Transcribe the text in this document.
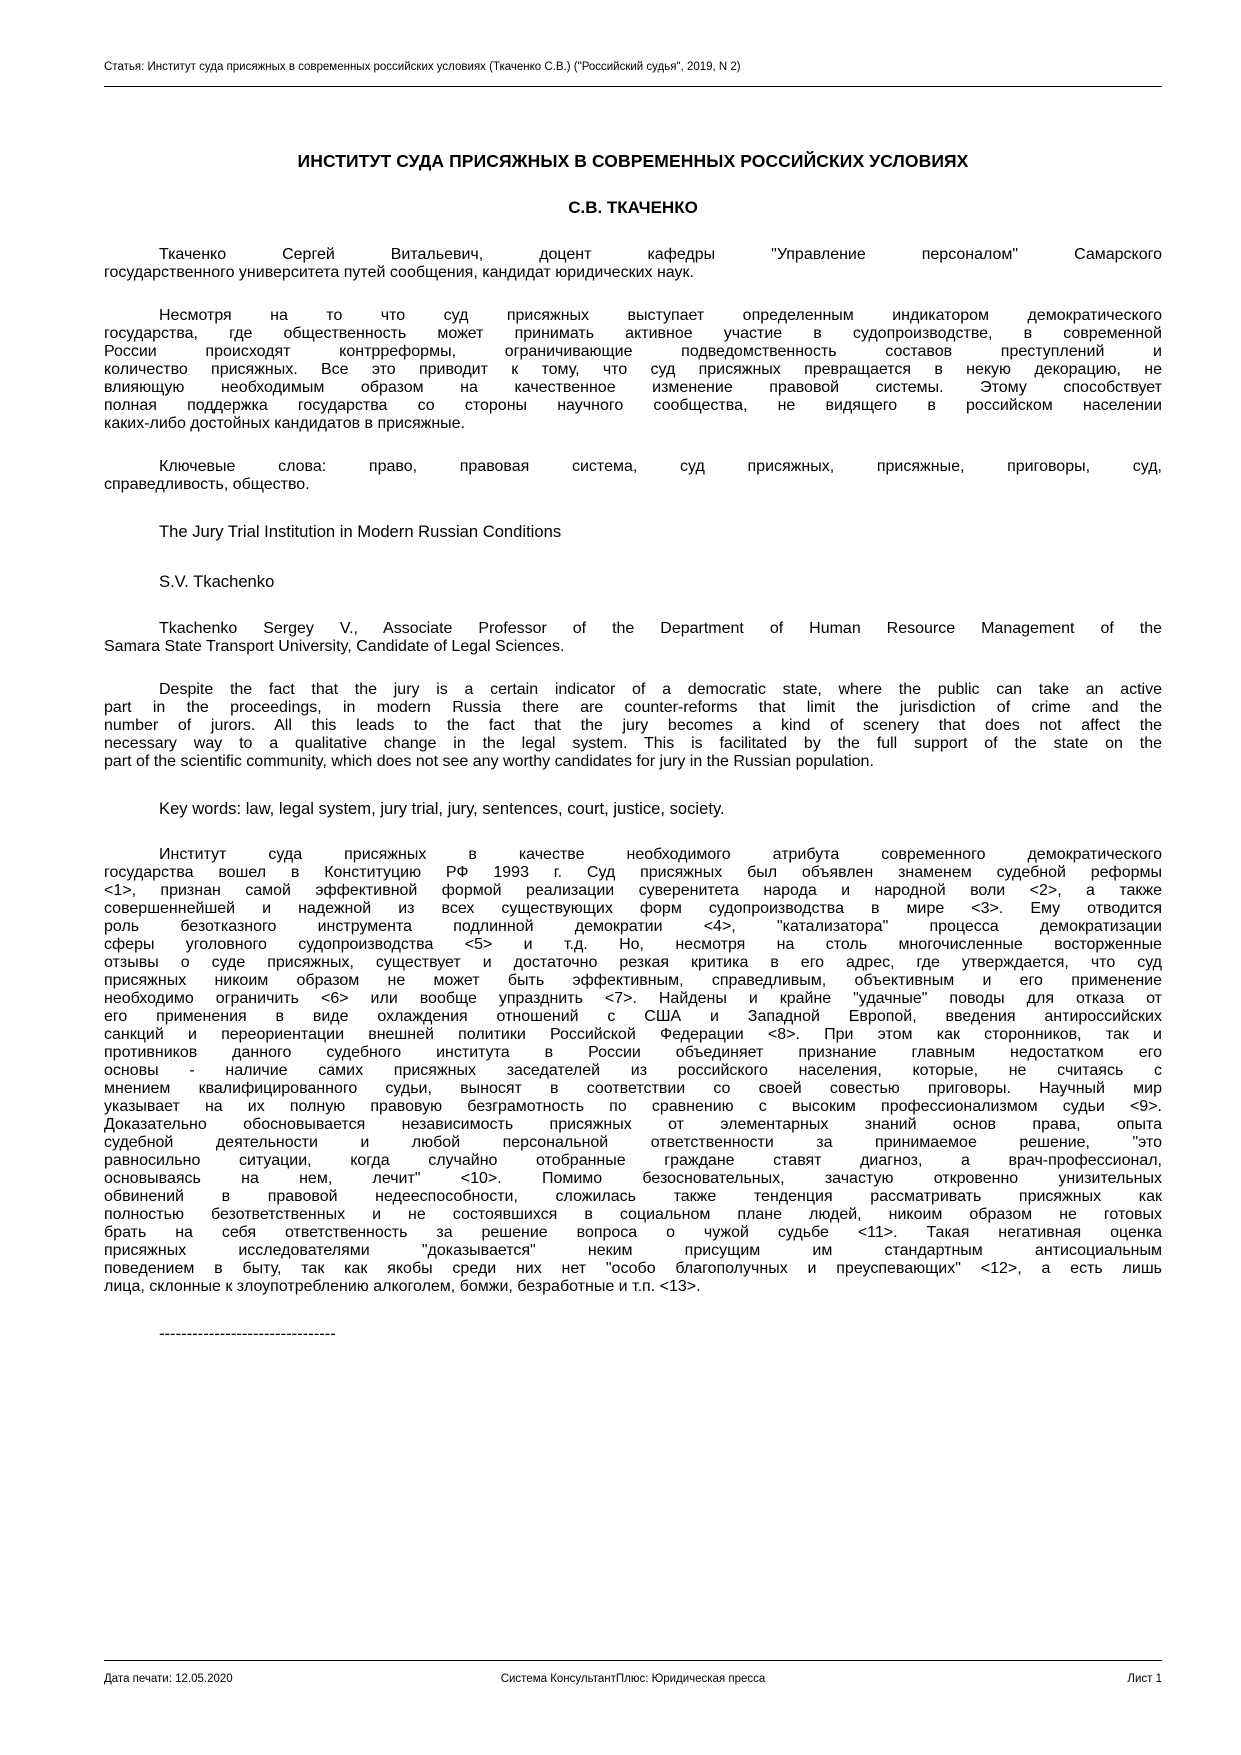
Статья: Институт суда присяжных в современных российских условиях (Ткаченко С.В.) ("Российский судья", 2019, N 2)
ИНСТИТУТ СУДА ПРИСЯЖНЫХ В СОВРЕМЕННЫХ РОССИЙСКИХ УСЛОВИЯХ
С.В. ТКАЧЕНКО
Ткаченко Сергей Витальевич, доцент кафедры "Управление персоналом" Самарского
государственного университета путей сообщения, кандидат юридических наук.
Несмотря на то что суд присяжных выступает определенным индикатором демократического
государства, где общественность может принимать активное участие в судопроизводстве, в современной
России происходят контрреформы, ограничивающие подведомственность составов преступлений и
количество присяжных. Все это приводит к тому, что суд присяжных превращается в некую декорацию, не
влияющую необходимым образом на качественное изменение правовой системы. Этому способствует
полная поддержка государства со стороны научного сообщества, не видящего в российском населении
каких-либо достойных кандидатов в присяжные.
Ключевые слова: право, правовая система, суд присяжных, присяжные, приговоры, суд,
справедливость, общество.
The Jury Trial Institution in Modern Russian Conditions
S.V. Tkachenko
Tkachenko Sergey V., Associate Professor of the Department of Human Resource Management of the
Samara State Transport University, Candidate of Legal Sciences.
Despite the fact that the jury is a certain indicator of a democratic state, where the public can take an active
part in the proceedings, in modern Russia there are counter-reforms that limit the jurisdiction of crime and the
number of jurors. All this leads to the fact that the jury becomes a kind of scenery that does not affect the
necessary way to a qualitative change in the legal system. This is facilitated by the full support of the state on the
part of the scientific community, which does not see any worthy candidates for jury in the Russian population.
Key words: law, legal system, jury trial, jury, sentences, court, justice, society.
Институт суда присяжных в качестве необходимого атрибута современного демократического
государства вошел в Конституцию РФ 1993 г. Суд присяжных был объявлен знаменем судебной реформы
<1>, признан самой эффективной формой реализации суверенитета народа и народной воли <2>, а также
совершеннейшей и надежной из всех существующих форм судопроизводства в мире <3>. Ему отводится
роль безотказного инструмента подлинной демократии <4>, "катализатора" процесса демократизации
сферы уголовного судопроизводства <5> и т.д. Но, несмотря на столь многочисленные восторженные
отзывы о суде присяжных, существует и достаточно резкая критика в его адрес, где утверждается, что суд
присяжных никоим образом не может быть эффективным, справедливым, объективным и его применение
необходимо ограничить <6> или вообще упразднить <7>. Найдены и крайне "удачные" поводы для отказа от
его применения в виде охлаждения отношений с США и Западной Европой, введения антироссийских
санкций и переориентации внешней политики Российской Федерации <8>. При этом как сторонников, так и
противников данного судебного института в России объединяет признание главным недостатком его
основы - наличие самих присяжных заседателей из российского населения, которые, не считаясь с
мнением квалифицированного судьи, выносят в соответствии со своей совестью приговоры. Научный мир
указывает на их полную правовую безграмотность по сравнению с высоким профессионализмом судьи <9>.
Доказательно обосновывается независимость присяжных от элементарных знаний основ права, опыта
судебной деятельности и любой персональной ответственности за принимаемое решение, "это
равносильно ситуации, когда случайно отобранные граждане ставят диагноз, а врач-профессионал,
основываясь на нем, лечит" <10>. Помимо безосновательных, зачастую откровенно унизительных
обвинений в правовой недееспособности, сложилась также тенденция рассматривать присяжных как
полностью безответственных и не состоявшихся в социальном плане людей, никоим образом не готовых
брать на себя ответственность за решение вопроса о чужой судьбе <11>. Такая негативная оценка
присяжных исследователями "доказывается" неким присущим им стандартным антисоциальным
поведением в быту, так как якобы среди них нет "особо благополучных и преуспевающих" <12>, а есть лишь
лица, склонные к злоупотреблению алкоголем, бомжи, безработные и т.п. <13>.
--------------------------------
Дата печати: 12.05.2020	Система КонсультантПлюс: Юридическая пресса	Лист 1
